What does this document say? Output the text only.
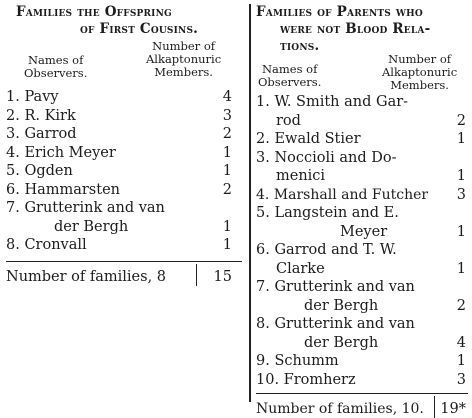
Families the Offspring
of First Cousins.
Names of
Observers.
Number of
Alkaptonuric
Members.
1. Pavy	4
2. R. Kirk	3
3. Garrod	2
4. Erich Meyer	1
5. Ogden	1
6. Hammarsten	2
7. Grutterink and van
der Bergh	1
8. Cronvall	1
Number of families, 8	15
Families of Parents who
were not Blood Rela-
tions.
Names of
Observers.
Number of
Alkaptonuric
Members.
1. W. Smith and Gar-
rod	2
2. Ewald Stier	1
3. Noccioli and Do-
menici	1
4. Marshall and Futcher	3
5. Langstein and E.
Meyer	1
6. Garrod and T. W.
Clarke	1
7. Grutterink and van
der Bergh	2
8. Grutterink and van
der Bergh	4
9. Schumm	1
10. Fromherz	3
Number of families, 10. 19*
